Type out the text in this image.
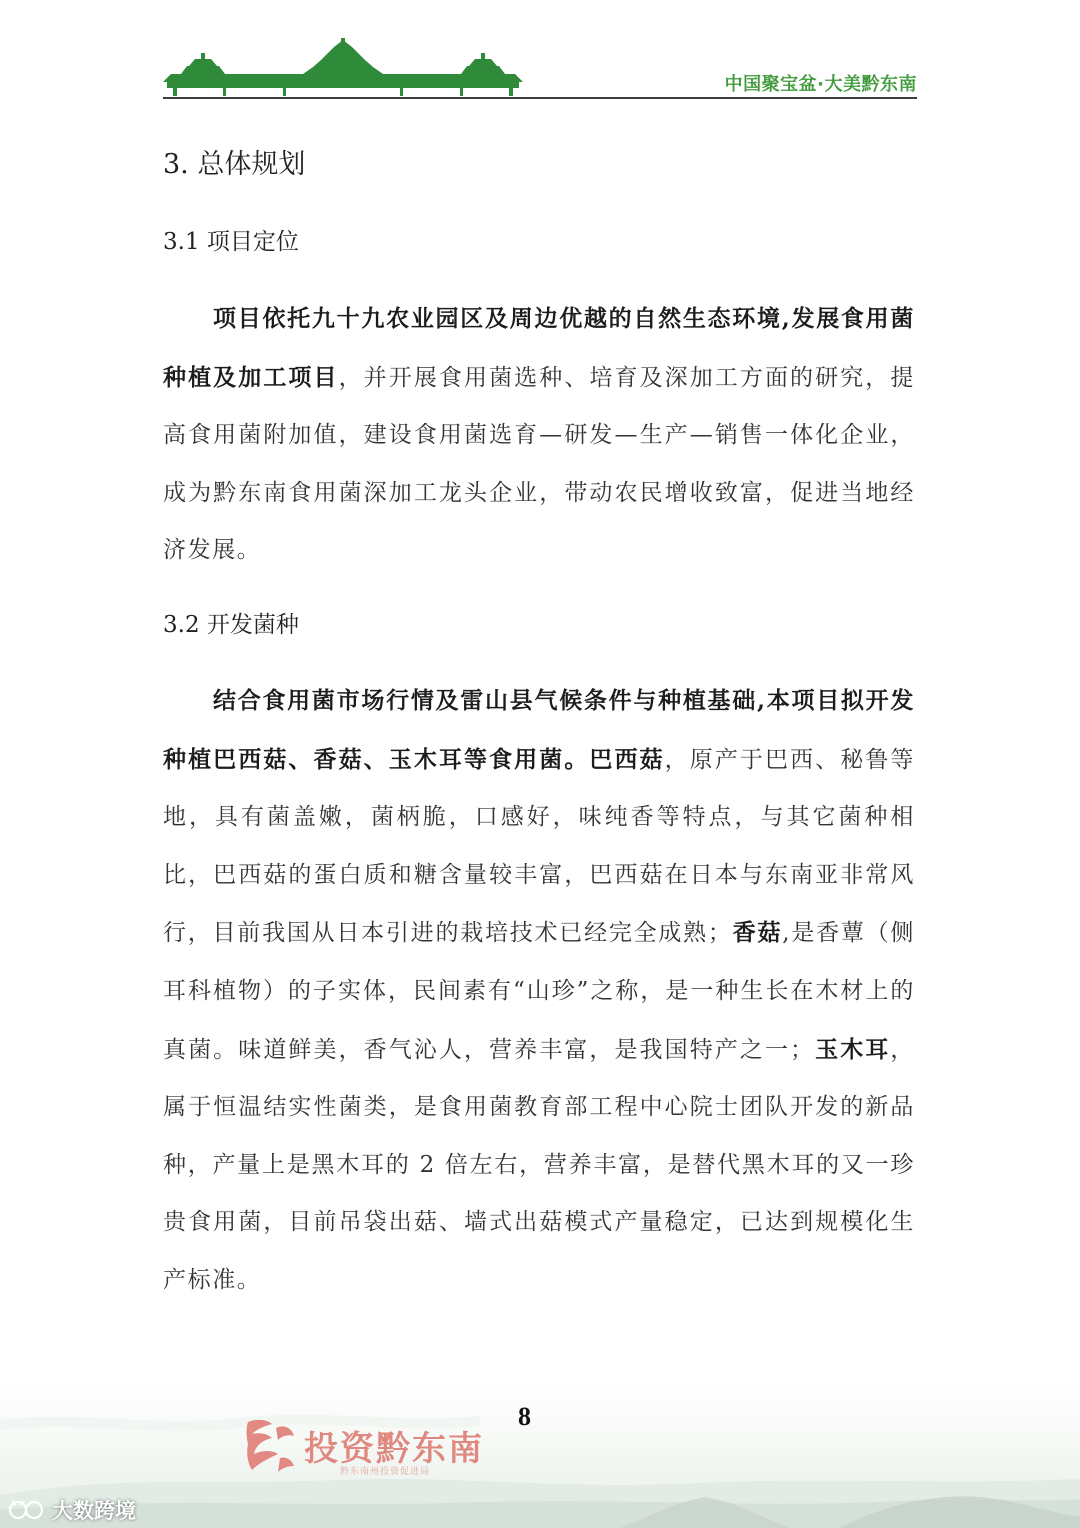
中国聚宝盆·大美黔东南
3. 总体规划
3.1 项目定位

项目依托九十九农业园区及周边优越的自然生态环境,发展食用菌种植及加工项目，并开展食用菌选种、培育及深加工方面的研究，提高食用菌附加值，建设食用菌选育—研发—生产—销售一体化企业，成为黔东南食用菌深加工龙头企业，带动农民增收致富，促进当地经济发展。

3.2 开发菌种

结合食用菌市场行情及雷山县气候条件与种植基础,本项目拟开发种植巴西菇、香菇、玉木耳等食用菌。巴西菇，原产于巴西、秘鲁等地，具有菌盖嫩，菌柄脆，口感好，味纯香等特点，与其它菌种相比，巴西菇的蛋白质和糖含量较丰富，巴西菇在日本与东南亚非常风行，目前我国从日本引进的栽培技术已经完全成熟；香菇,是香蕈（侧耳科植物）的子实体，民间素有“山珍”之称，是一种生长在木材上的真菌。味道鲜美，香气沁人，营养丰富，是我国特产之一；玉木耳，属于恒温结实性菌类，是食用菌教育部工程中心院士团队开发的新品种，产量上是黑木耳的 2 倍左右，营养丰富，是替代黑木耳的又一珍贵食用菌，目前吊袋出菇、墙式出菇模式产量稳定，已达到规模化生产标准。

8
投资黔东南
黔东南州投资促进局
大数跨境
